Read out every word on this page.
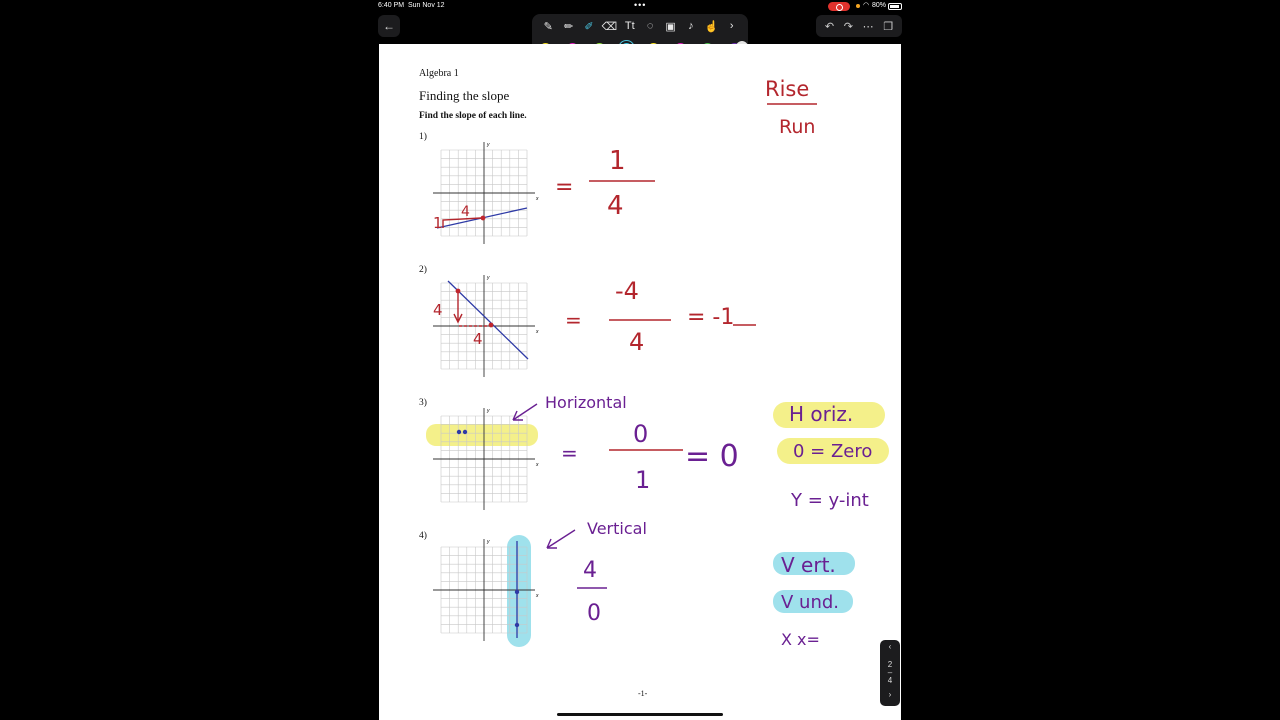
6:40 PM Sun Nov 12	•••	◠ 80%
←	✎	✏	✐ ⌫ Tt	◌	▣	♪ ☝	›	↶ ↷ ⋯ ❐
Algebra 1
Finding the slope
Find the slope of each line.
1)
2)
3)
4)
-1-
x
y
x
y
x
y
x
y
Rise
Run
1
4
=
1
4
4
4
=
-4
4
= -1
Horizontal
=
0
1
= 0
Vertical
4
0
H oriz.
0 = Zero
Y = y-int
V ert.
V und.
X x=	‹
2
–
4
›
